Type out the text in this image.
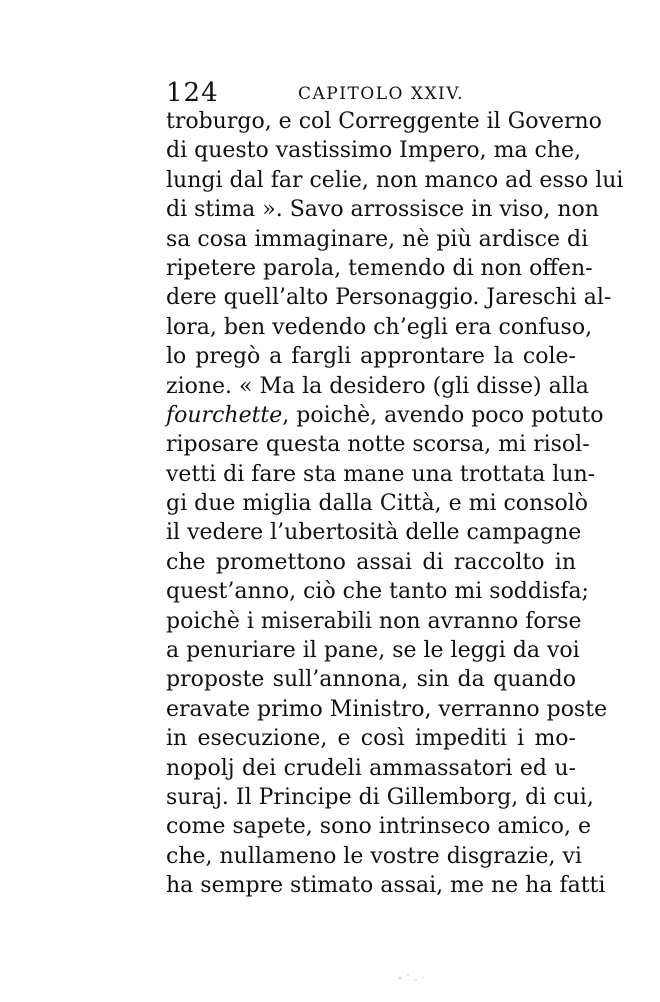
124	CAPITOLO XXIV.
troburgo, e col Correggente il Governo
di questo vastissimo Impero, ma che,
lungi dal far celie, non manco ad esso lui
di stima ». Savo arrossisce in viso, non
sa cosa immaginare, nè più ardisce di
ripetere parola, temendo di non offen-
dere quell’alto Personaggio. Jareschi al-
lora, ben vedendo ch’egli era confuso,
lo pregò a fargli approntare la cole-
zione. « Ma la desidero (gli disse) alla
fourchette, poichè, avendo poco potuto
riposare questa notte scorsa, mi risol-
vetti di fare sta mane una trottata lun-
gi due miglia dalla Città, e mi consolò
il vedere l’ubertosità delle campagne
che promettono assai di raccolto in
quest’anno, ciò che tanto mi soddisfa;
poichè i miserabili non avranno forse
a penuriare il pane, se le leggi da voi
proposte sull’annona, sin da quando
eravate primo Ministro, verranno poste
in esecuzione, e così impediti i mo-
nopolj dei crudeli ammassatori ed u-
suraj. Il Principe di Gillemborg, di cui,
come sapete, sono intrinseco amico, e
che, nullameno le vostre disgrazie, vi
ha sempre stimato assai, me ne ha fatti
